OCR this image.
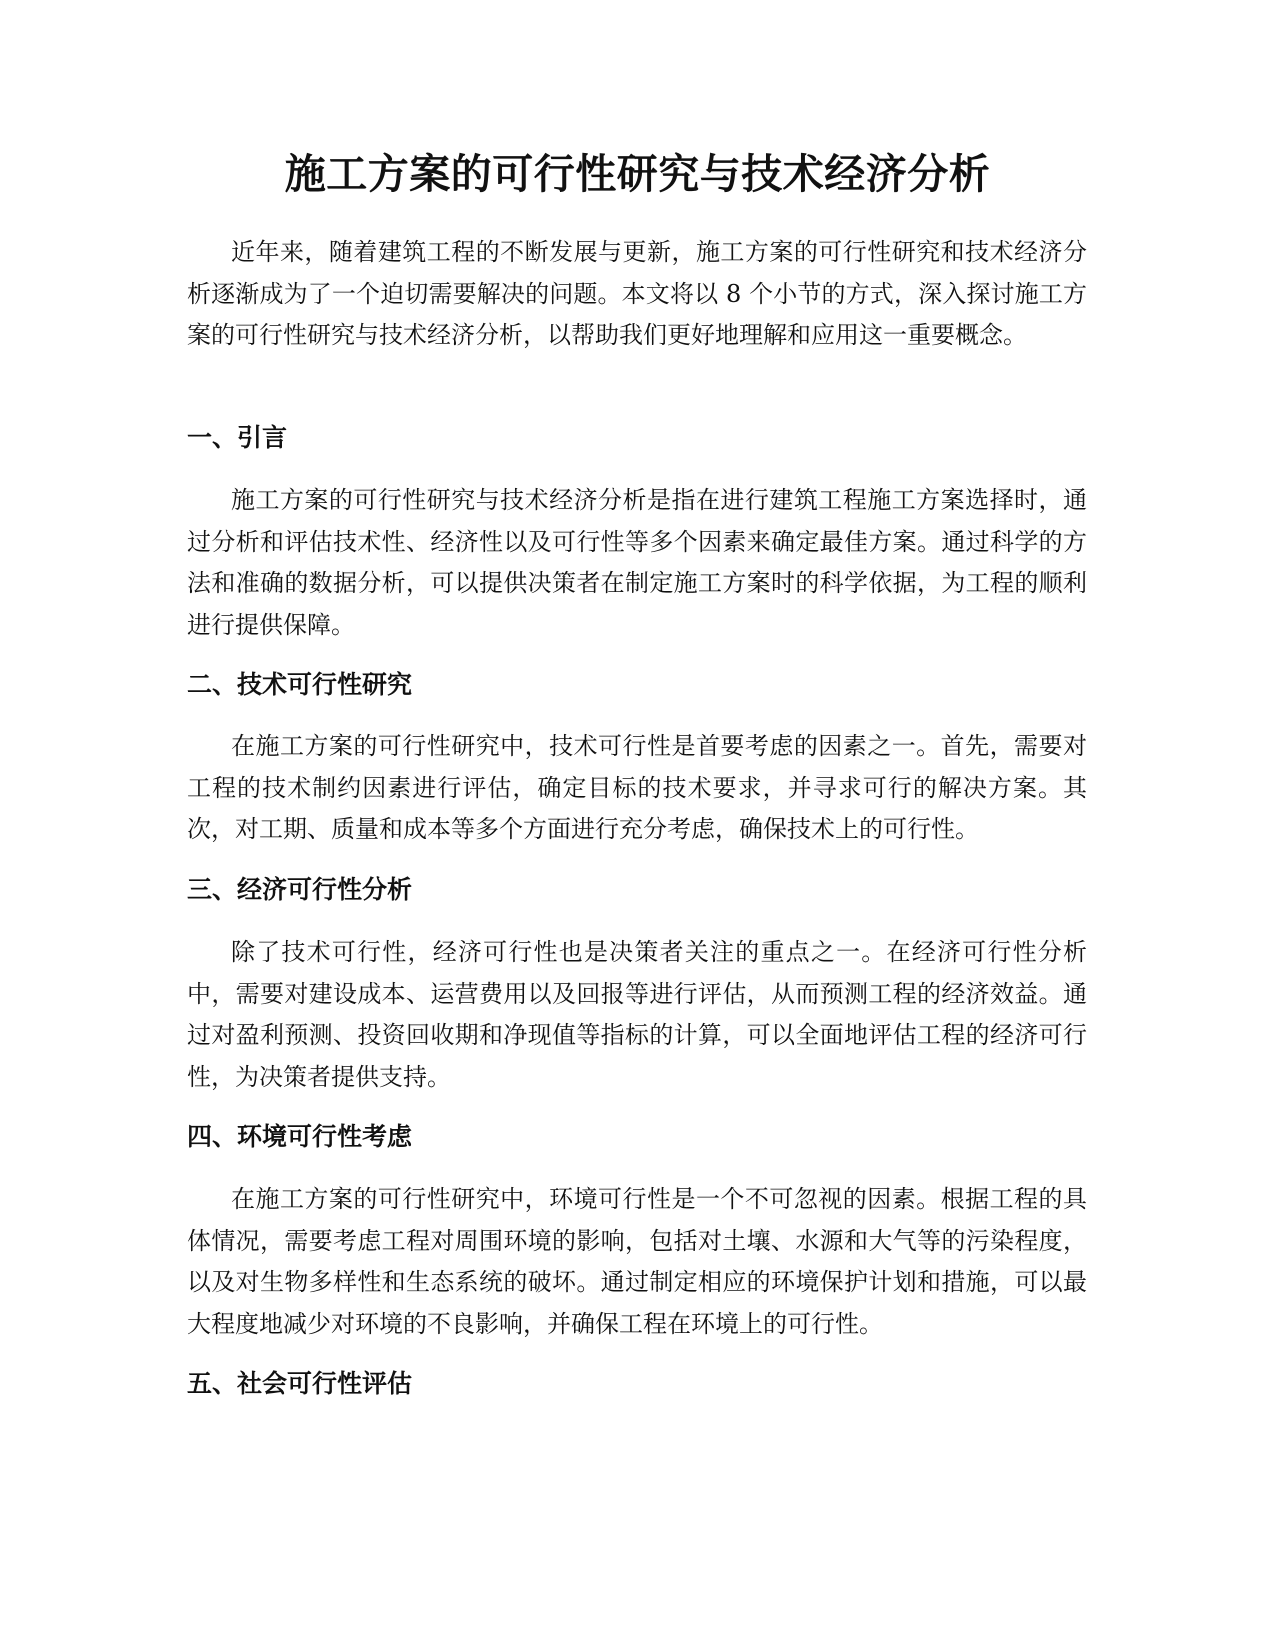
施工方案的可行性研究与技术经济分析

近年来，随着建筑工程的不断发展与更新，施工方案的可行性研究和技术经济分析逐渐成为了一个迫切需要解决的问题。本文将以 8 个小节的方式，深入探讨施工方案的可行性研究与技术经济分析，以帮助我们更好地理解和应用这一重要概念。

一、引言

施工方案的可行性研究与技术经济分析是指在进行建筑工程施工方案选择时，通过分析和评估技术性、经济性以及可行性等多个因素来确定最佳方案。通过科学的方法和准确的数据分析，可以提供决策者在制定施工方案时的科学依据，为工程的顺利进行提供保障。

二、技术可行性研究

在施工方案的可行性研究中，技术可行性是首要考虑的因素之一。首先，需要对工程的技术制约因素进行评估，确定目标的技术要求，并寻求可行的解决方案。其次，对工期、质量和成本等多个方面进行充分考虑，确保技术上的可行性。

三、经济可行性分析

除了技术可行性，经济可行性也是决策者关注的重点之一。在经济可行性分析中，需要对建设成本、运营费用以及回报等进行评估，从而预测工程的经济效益。通过对盈利预测、投资回收期和净现值等指标的计算，可以全面地评估工程的经济可行性，为决策者提供支持。

四、环境可行性考虑

在施工方案的可行性研究中，环境可行性是一个不可忽视的因素。根据工程的具体情况，需要考虑工程对周围环境的影响，包括对土壤、水源和大气等的污染程度，以及对生物多样性和生态系统的破坏。通过制定相应的环境保护计划和措施，可以最大程度地减少对环境的不良影响，并确保工程在环境上的可行性。

五、社会可行性评估
